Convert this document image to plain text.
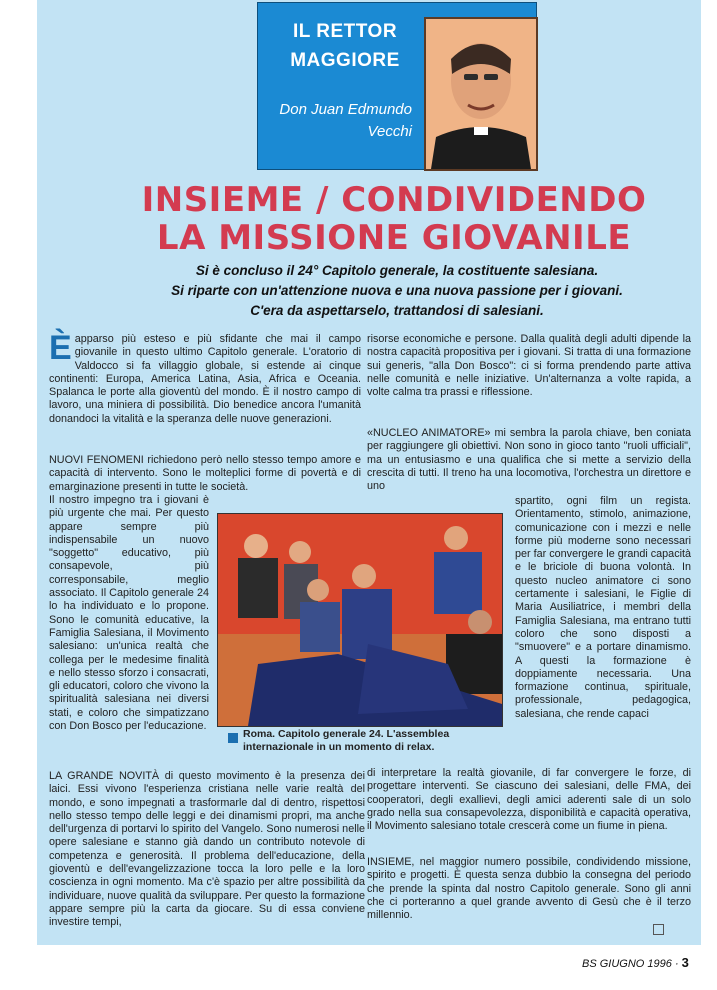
IL RETTOR
MAGGIORE
Don Juan Edmundo
Vecchi
INSIEME / CONDIVIDENDO
LA MISSIONE GIOVANILE
Si è concluso il 24° Capitolo generale, la costituente salesiana.
Si riparte con un'attenzione nuova e una nuova passione per i giovani.
C'era da aspettarselo, trattandosi di salesiani.

Èapparso più esteso e più sfidante che mai il campo giovanile in questo ultimo Capitolo generale. L'oratorio di Valdocco si fa villaggio globale, si estende ai cinque continenti: Europa, America Latina, Asia, Africa e Oceania. Spalanca le porte alla gioventù del mondo. È il nostro campo di lavoro, una miniera di possibilità. Dio benedice ancora l'umanità donandoci la vitalità e la speranza delle nuove generazioni.

NUOVI FENOMENI richiedono però nello stesso tempo amore e capacità di intervento. Sono le molteplici forme di povertà e di emarginazione presenti in tutte le società.

Il nostro impegno tra i giovani è più urgente che mai. Per questo appare sempre più indispensabile un nuovo "soggetto" educativo, più consapevole, più corresponsabile, meglio associato. Il Capitolo generale 24 lo ha individuato e lo propone. Sono le comunità educative, la Famiglia Salesiana, il Movimento salesiano: un'unica realtà che collega per le medesime finalità e nello stesso sforzo i consacrati, gli educatori, coloro che vivono la spiritualità salesiana nei diversi stati, e coloro che simpatizzano con Don Bosco per l'educazione.

LA GRANDE NOVITÀ di questo movimento è la presenza dei laici. Essi vivono l'esperienza cristiana nelle varie realtà del mondo, e sono impegnati a trasformarle dal di dentro, rispettosi nello stesso tempo delle leggi e dei dinamismi propri, ma anche dell'urgenza di portarvi lo spirito del Vangelo. Sono numerosi nelle opere salesiane e stanno già dando un contributo notevole di competenza e generosità. Il problema dell'educazione, della gioventù e dell'evangelizzazione tocca la loro pelle e la loro coscienza in ogni momento. Ma c'è spazio per altre possibilità da individuare, nuove qualità da sviluppare. Per questo la formazione appare sempre più la carta da giocare. Su di essa conviene investire tempi,

risorse economiche e persone. Dalla qualità degli adulti dipende la nostra capacità propositiva per i giovani. Si tratta di una formazione sui generis, "alla Don Bosco": ci si forma prendendo parte attiva nelle comunità e nelle iniziative. Un'alternanza a volte rapida, a volte calma tra prassi e riflessione.

«NUCLEO ANIMATORE» mi sembra la parola chiave, ben coniata per raggiungere gli obiettivi. Non sono in gioco tanto "ruoli ufficiali", ma un entusiasmo e una qualifica che si mette a servizio della crescita di tutti. Il treno ha una locomotiva, l'orchestra un direttore e uno

spartito, ogni film un regista. Orientamento, stimolo, animazione, comunicazione con i mezzi e nelle forme più moderne sono necessari per far convergere le grandi capacità e le briciole di buona volontà. In questo nucleo animatore ci sono certamente i salesiani, le Figlie di Maria Ausiliatrice, i membri della Famiglia Salesiana, ma entrano tutti coloro che sono disposti a "smuovere" e a portare dinamismo. A questi la formazione è doppiamente necessaria. Una formazione continua, spirituale, professionale, pedagogica, salesiana, che rende capaci

di interpretare la realtà giovanile, di far convergere le forze, di progettare interventi. Se ciascuno dei salesiani, delle FMA, dei cooperatori, degli exallievi, degli amici aderenti sale di un solo grado nella sua consapevolezza, disponibilità e capacità operativa, il Movimento salesiano totale crescerà come un fiume in piena.

INSIEME, nel maggior numero possibile, condividendo missione, spirito e progetti. È questa senza dubbio la consegna del periodo che prende la spinta dal nostro Capitolo generale. Sono gli anni che ci porteranno a quel grande avvento di Gesù che è il terzo millennio.

Roma. Capitolo generale 24. L'assemblea internazionale in un momento di relax.
BS GIUGNO 1996 · 3
